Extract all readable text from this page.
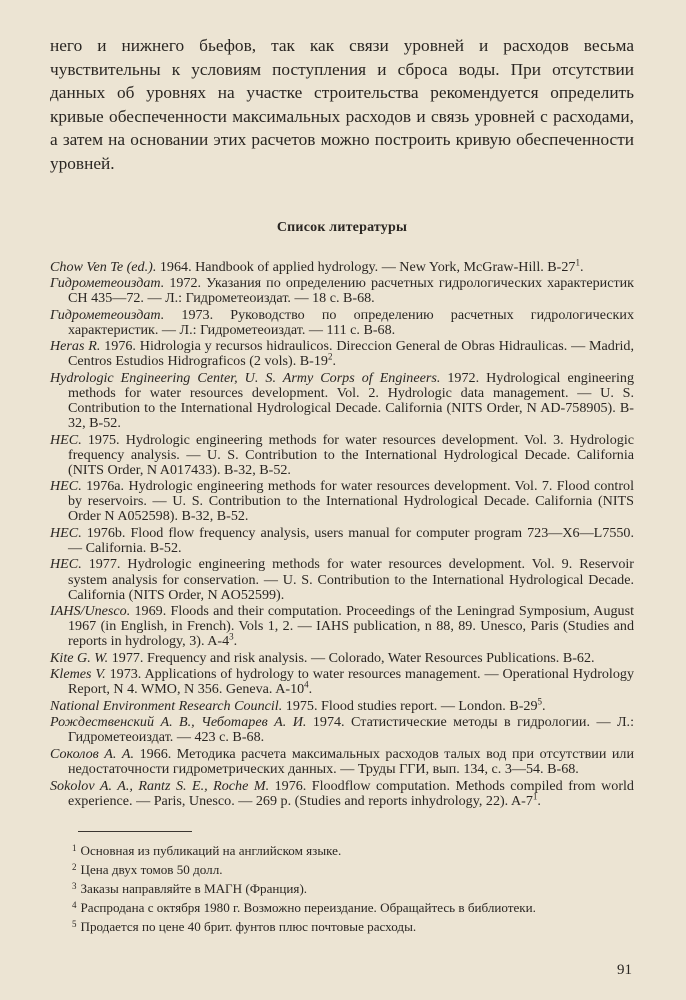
него и нижнего бьефов, так как связи уровней и расходов весьма чувствительны к условиям поступления и сброса воды. При отсутствии данных об уровнях на участке строительства рекомендуется определить кривые обеспеченности максимальных расходов и связь уровней с расходами, а затем на основании этих расчетов можно построить кривую обеспеченности уровней.

Список литературы

Chow Ven Te (ed.). 1964. Handbook of applied hydrology. — New York, McGraw-Hill. $B-27^1$.

Гидрометеоиздат. 1972. Указания по определению расчетных гидрологических характеристик СН 435—72. — Л.: Гидрометеоиздат. — 18 с. B-68.

Гидрометеоиздат. 1973. Руководство по определению расчетных гидрологических характеристик. — Л.: Гидрометеоиздат. — 111 с. B-68.

Heras R. 1976. Hidrologia y recursos hidraulicos. Direccion General de Obras Hidraulicas. — Madrid, Centros Estudios Hidrograficos (2 vols). $B-19^2$.

Hydrologic Engineering Center, U. S. Army Corps of Engineers. 1972. Hydrological engineering methods for water resources development. Vol. 2. Hydrologic data management. — U. S. Contribution to the International Hydrological Decade. California (NITS Order, N AD-758905). B-32, B-52.

HEC. 1975. Hydrologic engineering methods for water resources development. Vol. 3. Hydrologic frequency analysis. — U. S. Contribution to the International Hydrological Decade. California (NITS Order, N A017433). B-32, B-52.

HEC. 1976a. Hydrologic engineering methods for water resources development. Vol. 7. Flood control by reservoirs. — U. S. Contribution to the International Hydrological Decade. California (NITS Order N A052598). B-32, B-52.

HEC. 1976b. Flood flow frequency analysis, users manual for computer program 723—X6—L7550. — California. B-52.

HEC. 1977. Hydrologic engineering methods for water resources development. Vol. 9. Reservoir system analysis for conservation. — U. S. Contribution to the International Hydrological Decade. California (NITS Order, N AO52599).

IAHS/Unesco. 1969. Floods and their computation. Proceedings of the Leningrad Symposium, August 1967 (in English, in French). Vols 1, 2. — IAHS publication, n 88, 89. Unesco, Paris (Studies and reports in hydrology, 3). $A-4^3$.

Kite G. W. 1977. Frequency and risk analysis. — Colorado, Water Resources Publications. B-62.

Klemes V. 1973. Applications of hydrology to water resources management. — Operational Hydrology Report, N 4. WMO, N 356. Geneva. $A-10^4$.

National Environment Research Council. 1975. Flood studies report. — London. $B-29^5$.

Рождественский А. В., Чеботарев А. И. 1974. Статистические методы в гидрологии. — Л.: Гидрометеоиздат. — 423 с. B-68.

Соколов А. А. 1966. Методика расчета максимальных расходов талых вод при отсутствии или недостаточности гидрометрических данных. — Труды ГГИ, вып. 134, с. 3—54. B-68.

Sokolov A. A., Rantz S. E., Roche M. 1976. Floodflow computation. Methods compiled from world experience. — Paris, Unesco. — 269 p. (Studies and reports inhydrology, 22). $A-7^1$.

$^1$ Основная из публикаций на английском языке.

$^2$ Цена двух томов 50 долл.

$^3$ Заказы направляйте в МАГН (Франция).

$^4$ Распродана с октября 1980 г. Возможно переиздание. Обращайтесь в библиотеки.

$^5$ Продается по цене 40 брит. фунтов плюс почтовые расходы.

91
